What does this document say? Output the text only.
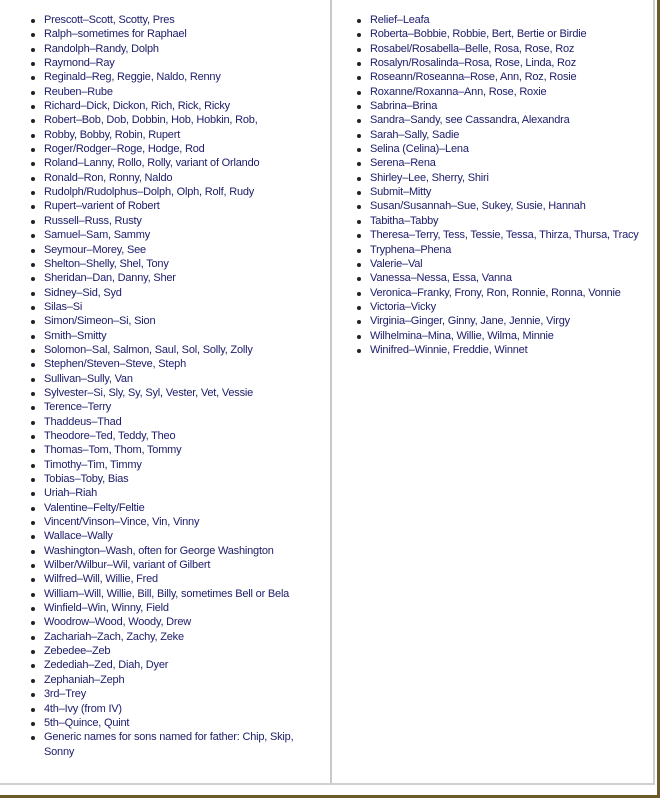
Prescott–Scott, Scotty, Pres
Ralph–sometimes for Raphael
Randolph–Randy, Dolph
Raymond–Ray
Reginald–Reg, Reggie, Naldo, Renny
Reuben–Rube
Richard–Dick, Dickon, Rich, Rick, Ricky
Robert–Bob, Dob, Dobbin, Hob, Hobkin, Rob,
Robby, Bobby, Robin, Rupert
Roger/Rodger–Roge, Hodge, Rod
Roland–Lanny, Rollo, Rolly, variant of Orlando
Ronald–Ron, Ronny, Naldo
Rudolph/Rudolphus–Dolph, Olph, Rolf, Rudy
Rupert–varient of Robert
Russell–Russ, Rusty
Samuel–Sam, Sammy
Seymour–Morey, See
Shelton–Shelly, Shel, Tony
Sheridan–Dan, Danny, Sher
Sidney–Sid, Syd
Silas–Si
Simon/Simeon–Si, Sion
Smith–Smitty
Solomon–Sal, Salmon, Saul, Sol, Solly, Zolly
Stephen/Steven–Steve, Steph
Sullivan–Sully, Van
Sylvester–Si, Sly, Sy, Syl, Vester, Vet, Vessie
Terence–Terry
Thaddeus–Thad
Theodore–Ted, Teddy, Theo
Thomas–Tom, Thom, Tommy
Timothy–Tim, Timmy
Tobias–Toby, Bias
Uriah–Riah
Valentine–Felty/Feltie
Vincent/Vinson–Vince, Vin, Vinny
Wallace–Wally
Washington–Wash, often for George Washington
Wilber/Wilbur–Wil, variant of Gilbert
Wilfred–Will, Willie, Fred
William–Will, Willie, Bill, Billy, sometimes Bell or Bela
Winfield–Win, Winny, Field
Woodrow–Wood, Woody, Drew
Zachariah–Zach, Zachy, Zeke
Zebedee–Zeb
Zedediah–Zed, Diah, Dyer
Zephaniah–Zeph
3rd–Trey
4th–Ivy (from IV)
5th–Quince, Quint
Generic names for sons named for father: Chip, Skip, Sonny
Relief–Leafa
Roberta–Bobbie, Robbie, Bert, Bertie or Birdie
Rosabel/Rosabella–Belle, Rosa, Rose, Roz
Rosalyn/Rosalinda–Rosa, Rose, Linda, Roz
Roseann/Roseanna–Rose, Ann, Roz, Rosie
Roxanne/Roxanna–Ann, Rose, Roxie
Sabrina–Brina
Sandra–Sandy, see Cassandra, Alexandra
Sarah–Sally, Sadie
Selina (Celina)–Lena
Serena–Rena
Shirley–Lee, Sherry, Shiri
Submit–Mitty
Susan/Susannah–Sue, Sukey, Susie, Hannah
Tabitha–Tabby
Theresa–Terry, Tess, Tessie, Tessa, Thirza, Thursa, Tracy
Tryphena–Phena
Valerie–Val
Vanessa–Nessa, Essa, Vanna
Veronica–Franky, Frony, Ron, Ronnie, Ronna, Vonnie
Victoria–Vicky
Virginia–Ginger, Ginny, Jane, Jennie, Virgy
Wilhelmina–Mina, Willie, Wilma, Minnie
Winifred–Winnie, Freddie, Winnet
